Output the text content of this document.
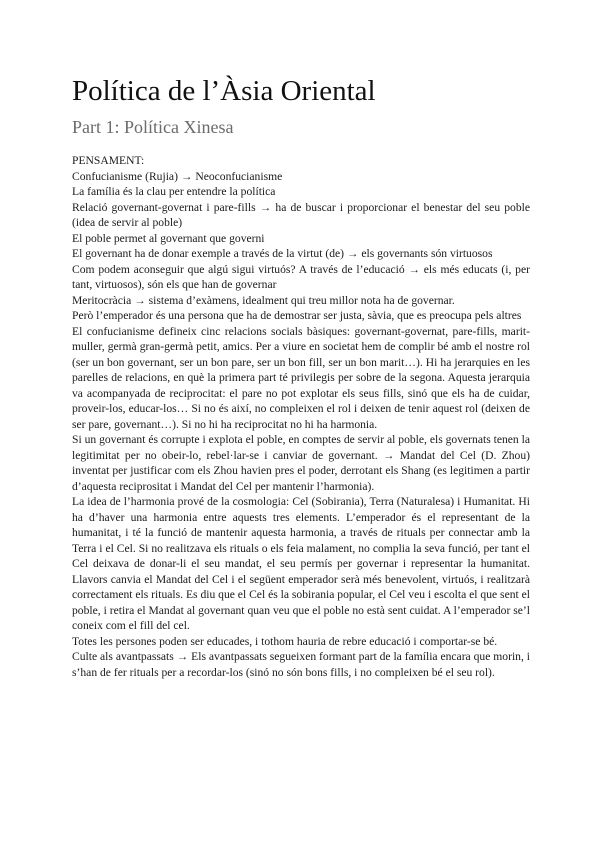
Política de l’Àsia Oriental
Part 1: Política Xinesa

PENSAMENT:

Confucianisme (Rujia) → Neoconfucianisme

La família és la clau per entendre la política

Relació governant-governat i pare-fills → ha de buscar i proporcionar el benestar del seu poble (idea de servir al poble)

El poble permet al governant que governi

El governant ha de donar exemple a través de la virtut (de) → els governants són virtuosos

Com podem aconseguir que algú sigui virtuós? A través de l’educació → els més educats (i, per tant, virtuosos), són els que han de governar

Meritocràcia → sistema d’exàmens, idealment qui treu millor nota ha de governar.

Però l’emperador és una persona que ha de demostrar ser justa, sàvia, que es preocupa pels altres

El confucianisme defineix cinc relacions socials bàsiques: governant-governat, pare-fills, marit-muller, germà gran-germà petit, amics. Per a viure en societat hem de complir bé amb el nostre rol (ser un bon governant, ser un bon pare, ser un bon fill, ser un bon marit…). Hi ha jerarquies en les parelles de relacions, en què la primera part té privilegis per sobre de la segona. Aquesta jerarquia va acompanyada de reciprocitat: el pare no pot explotar els seus fills, sinó que els ha de cuidar, proveir-los, educar-los… Si no és així, no compleixen el rol i deixen de tenir aquest rol (deixen de ser pare, governant…). Si no hi ha reciprocitat no hi ha harmonia.

Si un governant és corrupte i explota el poble, en comptes de servir al poble, els governats tenen la legitimitat per no obeir-lo, rebel·lar-se i canviar de governant. → Mandat del Cel (D. Zhou) inventat per justificar com els Zhou havien pres el poder, derrotant els Shang (es legitimen a partir d’aquesta reciprositat i Mandat del Cel per mantenir l’harmonia).

La idea de l’harmonia prové de la cosmologia: Cel (Sobirania), Terra (Naturalesa) i Humanitat. Hi ha d’haver una harmonia entre aquests tres elements. L’emperador és el representant de la humanitat, i té la funció de mantenir aquesta harmonia, a través de rituals per connectar amb la Terra i el Cel. Si no realitzava els rituals o els feia malament, no complia la seva funció, per tant el Cel deixava de donar-li el seu mandat, el seu permís per governar i representar la humanitat. Llavors canvia el Mandat del Cel i el següent emperador serà més benevolent, virtuós, i realitzarà correctament els rituals. Es diu que el Cel és la sobirania popular, el Cel veu i escolta el que sent el poble, i retira el Mandat al governant quan veu que el poble no està sent cuidat. A l’emperador se’l coneix com el fill del cel.

Totes les persones poden ser educades, i tothom hauria de rebre educació i comportar-se bé.

Culte als avantpassats → Els avantpassats segueixen formant part de la família encara que morin, i s’han de fer rituals per a recordar-los (sinó no són bons fills, i no compleixen bé el seu rol).
